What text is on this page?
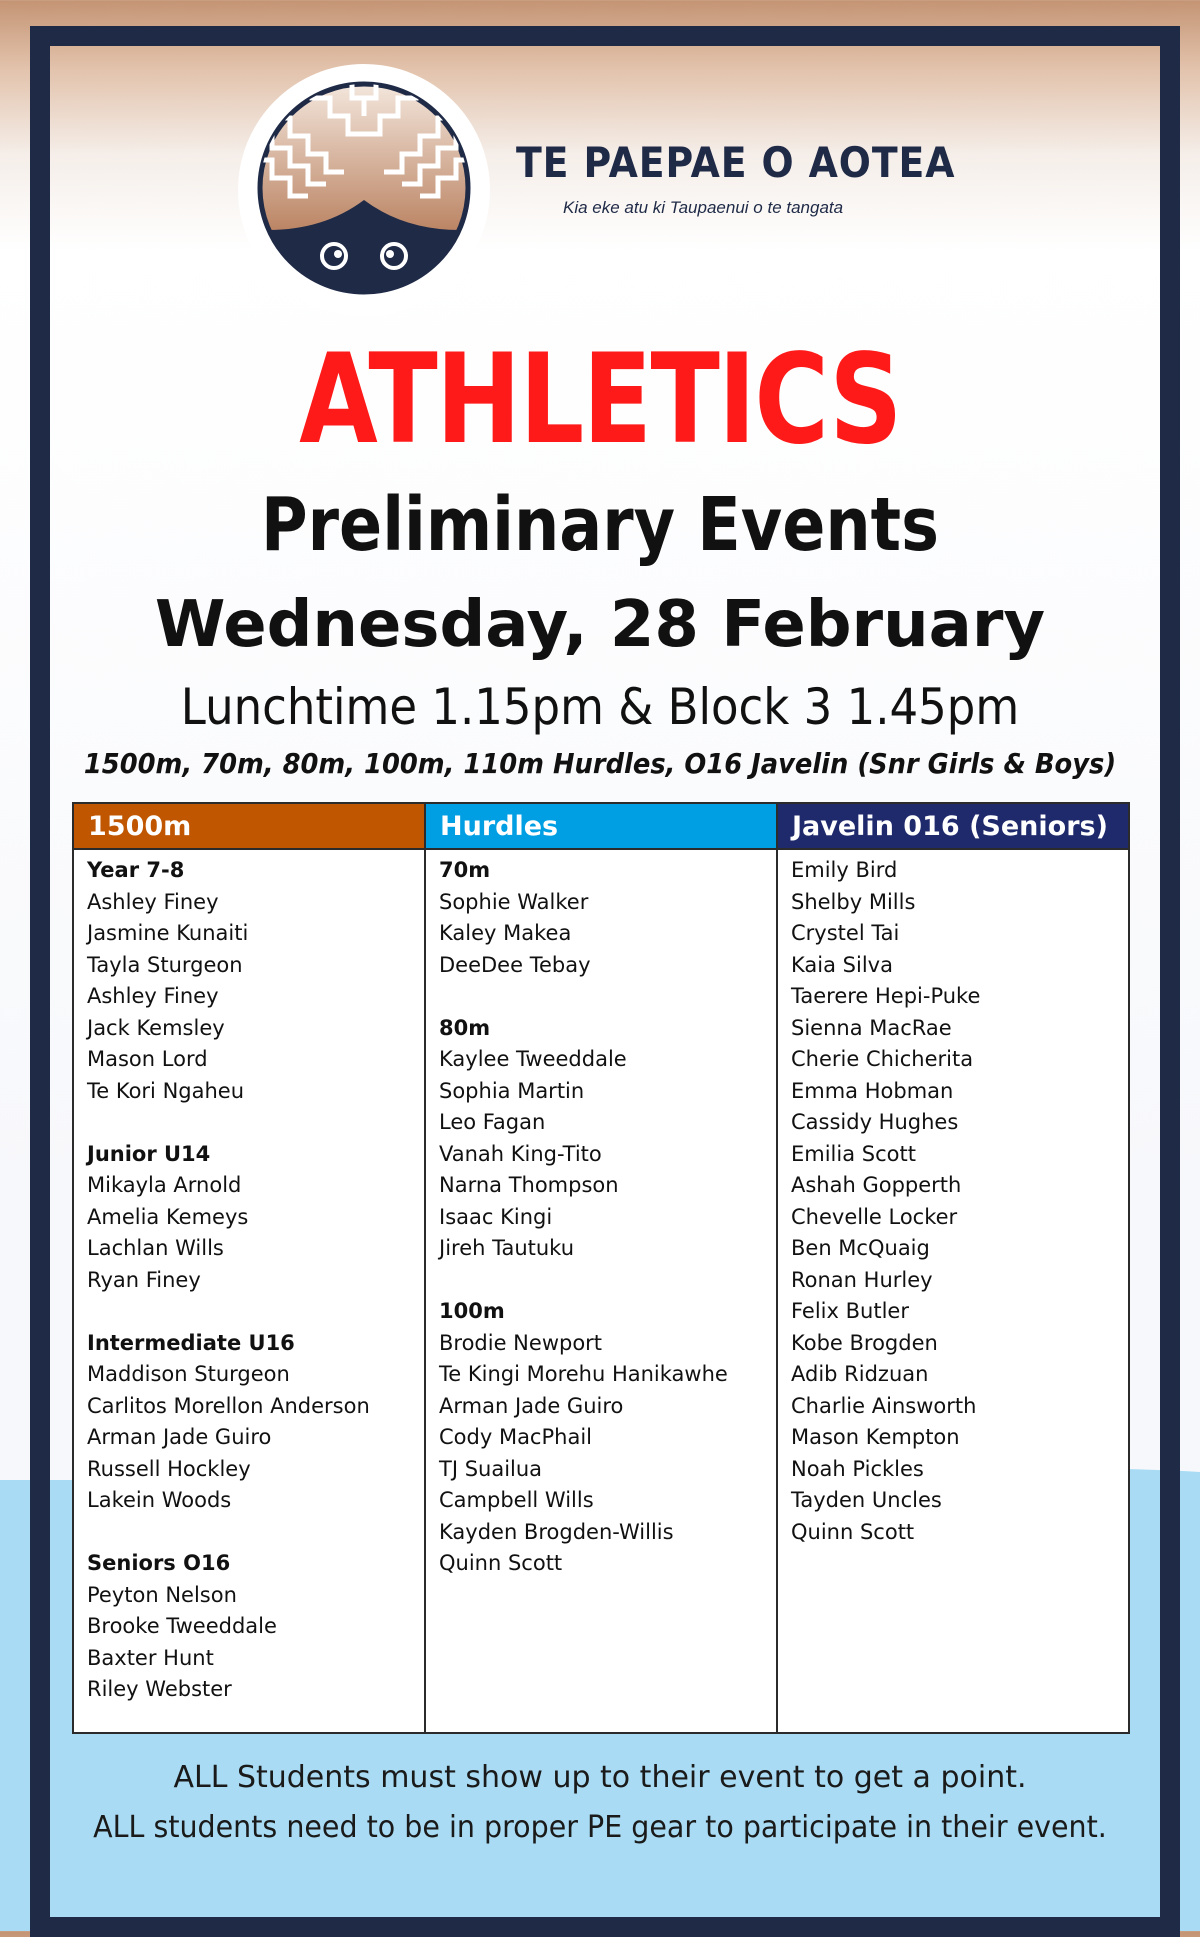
TE PAEPAE O AOTEA
Kia eke atu ki Taupaenui o te tangata
ATHLETICS
Preliminary Events
Wednesday, 28 February
Lunchtime 1.15pm & Block 3 1.45pm
1500m, 70m, 80m, 100m, 110m Hurdles, O16 Javelin (Snr Girls & Boys)
1500m
Year 7-8
Ashley Finey
Jasmine Kunaiti
Tayla Sturgeon
Ashley Finey
Jack Kemsley
Mason Lord
Te Kori Ngaheu
Junior U14
Mikayla Arnold
Amelia Kemeys
Lachlan Wills
Ryan Finey
Intermediate U16
Maddison Sturgeon
Carlitos Morellon Anderson
Arman Jade Guiro
Russell Hockley
Lakein Woods
Seniors O16
Peyton Nelson
Brooke Tweeddale
Baxter Hunt
Riley Webster
Hurdles
70m
Sophie Walker
Kaley Makea
DeeDee Tebay
80m
Kaylee Tweeddale
Sophia Martin
Leo Fagan
Vanah King-Tito
Narna Thompson
Isaac Kingi
Jireh Tautuku
100m
Brodie Newport
Te Kingi Morehu Hanikawhe
Arman Jade Guiro
Cody MacPhail
TJ Suailua
Campbell Wills
Kayden Brogden-Willis
Quinn Scott
Javelin 016 (Seniors)
Emily Bird
Shelby Mills
Crystel Tai
Kaia Silva
Taerere Hepi-Puke
Sienna MacRae
Cherie Chicherita
Emma Hobman
Cassidy Hughes
Emilia Scott
Ashah Gopperth
Chevelle Locker
Ben McQuaig
Ronan Hurley
Felix Butler
Kobe Brogden
Adib Ridzuan
Charlie Ainsworth
Mason Kempton
Noah Pickles
Tayden Uncles
Quinn Scott
ALL Students must show up to their event to get a point.
ALL students need to be in proper PE gear to participate in their event.
